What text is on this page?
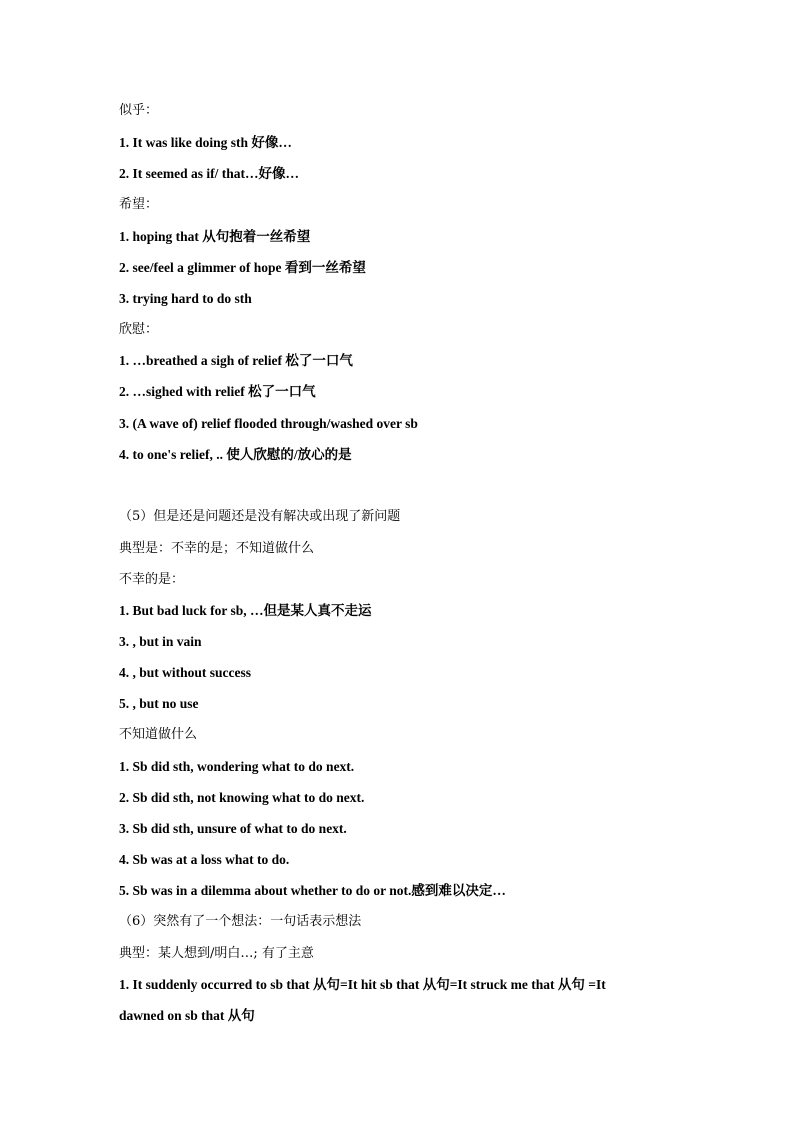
似乎：
1. It was like doing sth 好像…
2. It seemed as if/ that…好像…
希望：
1. hoping that 从句抱着一丝希望
2. see/feel a glimmer of hope 看到一丝希望
3. trying hard to do sth
欣慰：
1. …breathed a sigh of relief 松了一口气
2. …sighed with relief 松了一口气
3. (A wave of) relief flooded through/washed over sb
4. to one's relief, .. 使人欣慰的/放心的是
（5）但是还是问题还是没有解决或出现了新问题
典型是：不幸的是；不知道做什么
不幸的是：
1. But bad luck for sb, …但是某人真不走运
3. , but in vain
4. , but without success
5. , but no use
不知道做什么
1. Sb did sth, wondering what to do next.
2. Sb did sth, not knowing what to do next.
3. Sb did sth, unsure of what to do next.
4. Sb was at a loss what to do.
5. Sb was in a dilemma about whether to do or not.感到难以决定…
（6）突然有了一个想法：一句话表示想法
典型：某人想到/明白…; 有了主意
1. It suddenly occurred to sb that 从句=It hit sb that 从句=It struck me that 从句 =It
dawned on sb that 从句
